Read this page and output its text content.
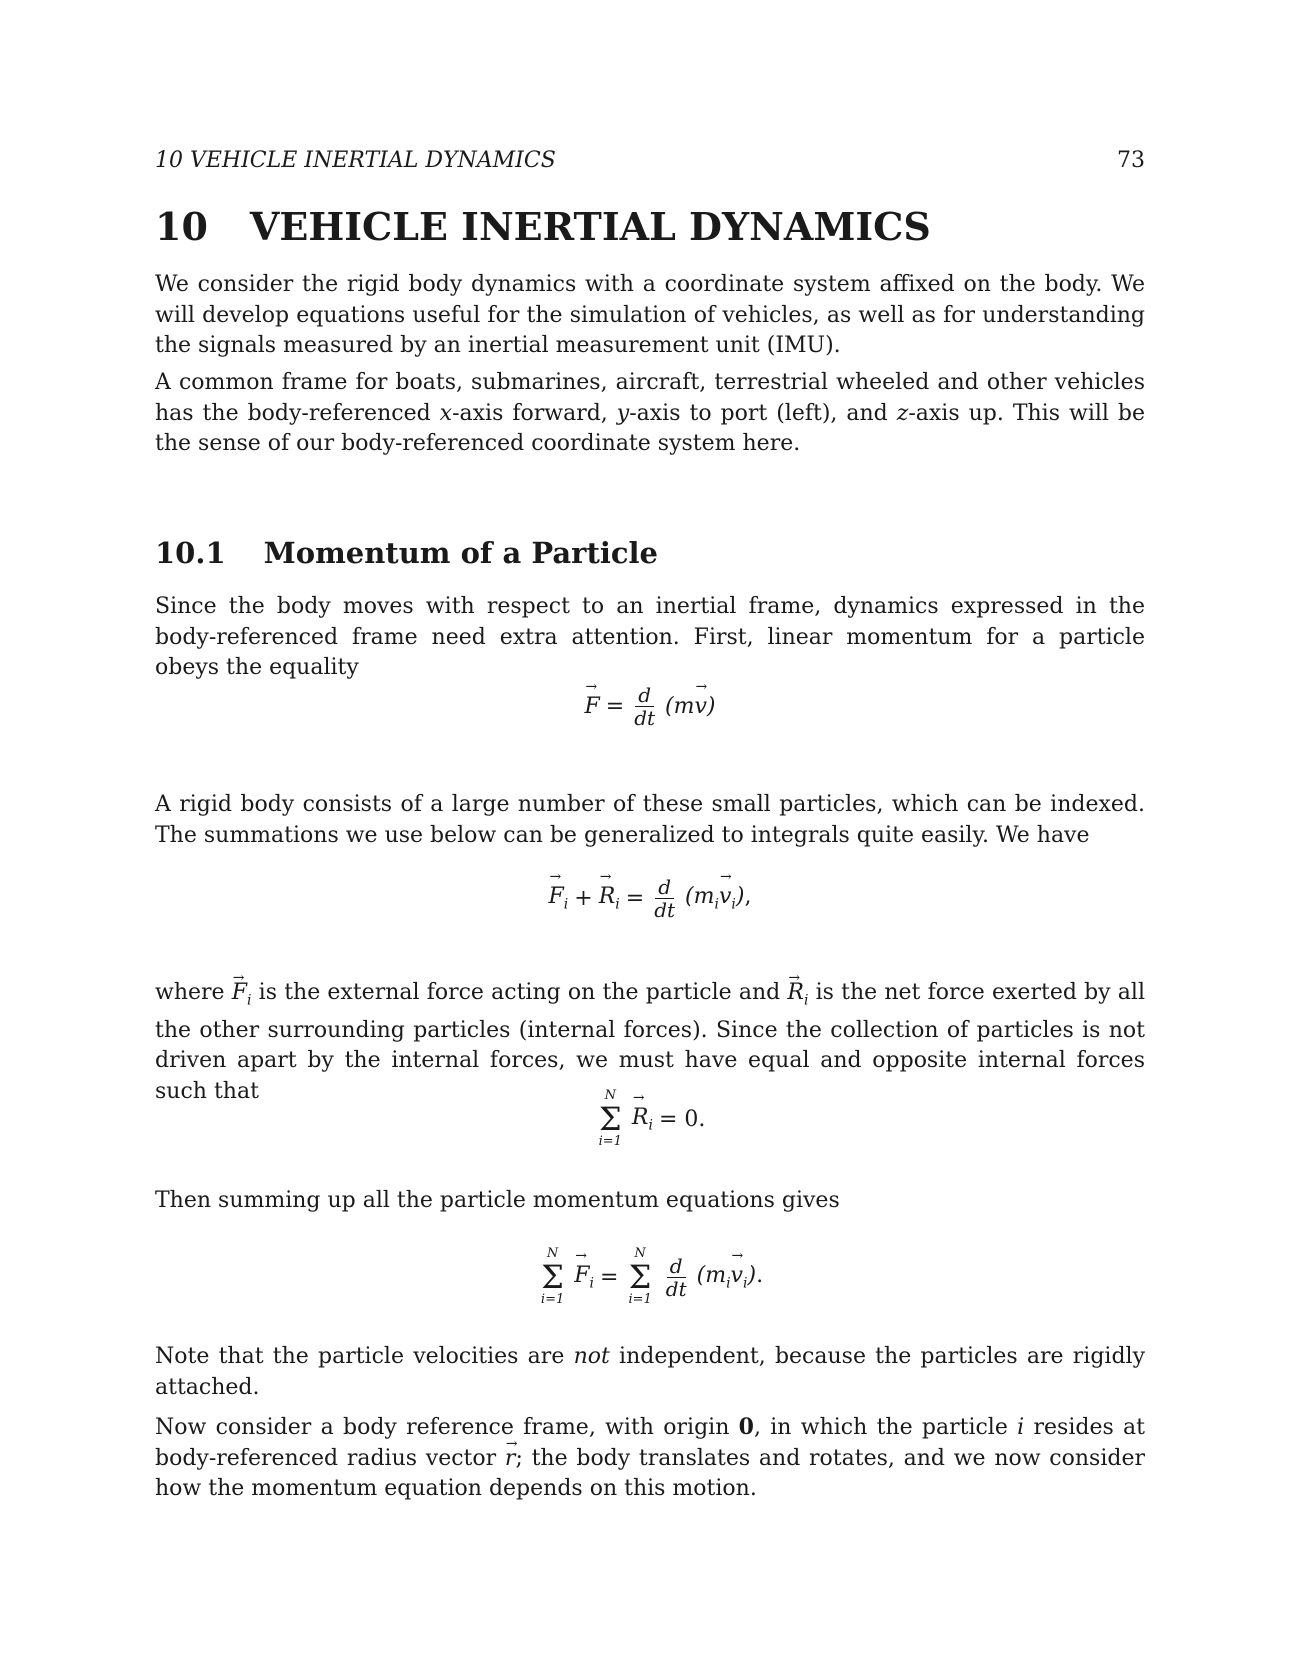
10 VEHICLE INERTIAL DYNAMICS	73
10 VEHICLE INERTIAL DYNAMICS

We consider the rigid body dynamics with a coordinate system affixed on the body. We will develop equations useful for the simulation of vehicles, as well as for understanding the signals measured by an inertial measurement unit (IMU).

A common frame for boats, submarines, aircraft, terrestrial wheeled and other vehicles has the body-referenced x-axis forward, y-axis to port (left), and z-axis up. This will be the sense of our body-referenced coordinate system here.

10.1 Momentum of a Particle

Since the body moves with respect to an inertial frame, dynamics expressed in the body-referenced frame need extra attention. First, linear momentum for a particle obeys the equality

→ $F = \frac{d}{dt} (m\to v)$

A rigid body consists of a large number of these small particles, which can be indexed. The summations we use below can be generalized to integrals quite easily. We have

→ $F_i$ +
→ $R_i = \frac{d}{dt} (m_i\to v_i)$,

where → $F_i$ is the external force acting on the particle and → $R_i$ is the net force exerted by all the other surrounding particles (internal forces). Since the collection of particles is not driven apart by the internal forces, we must have equal and opposite internal forces such that	N
Σ
i=1
→ $R_i = 0$.

Then summing up all the particle momentum equations gives

N
Σ
i=1
→ $F_i$ =
N
Σ
$i=1 \frac{d}{dt} (m_i\to v_i)$.

Note that the particle velocities are not independent, because the particles are rigidly attached.

Now consider a body reference frame, with origin 0, in which the particle i resides at body-referenced radius vector → r; the body translates and rotates, and we now consider how the momentum equation depends on this motion.
